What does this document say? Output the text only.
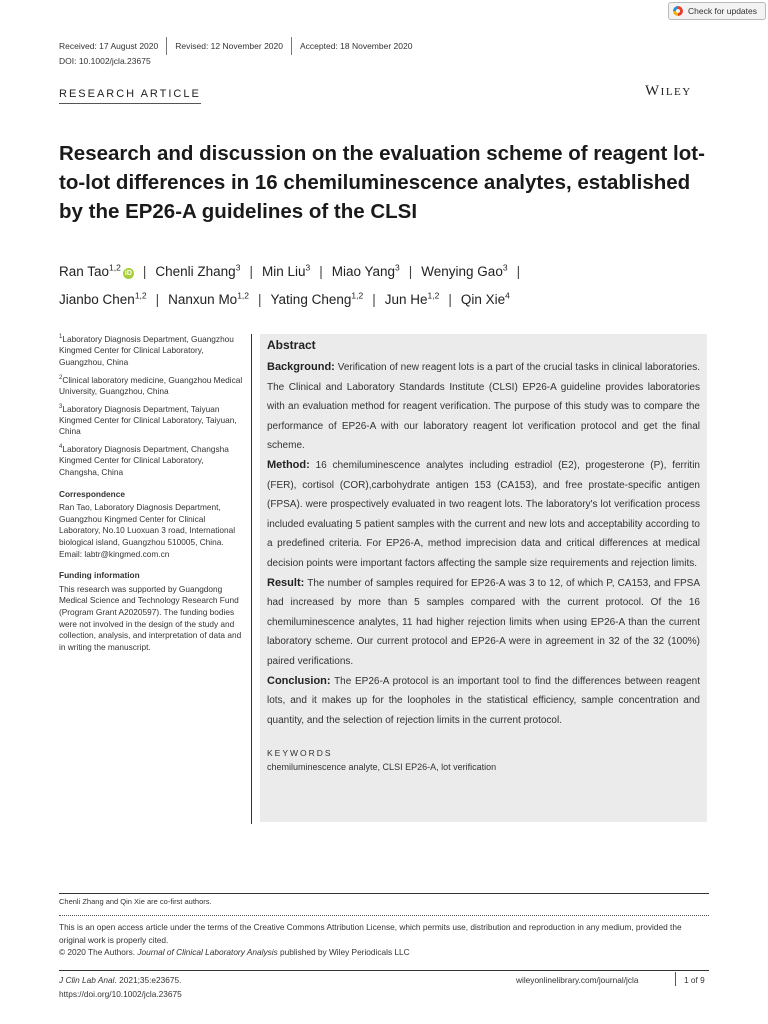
Check for updates
Received: 17 August 2020 Revised: 12 November 2020 Accepted: 18 November 2020
DOI: 10.1002/jcla.23675
RESEARCH ARTICLE	Wiley
Research and discussion on the evaluation scheme of reagent lot-to-lot differences in 16 chemiluminescence analytes, established by the EP26-A guidelines of the CLSI
Ran Tao$^{1,2}$iD | Chenli Zhang$^3$ | Min Liu$^3$ | Miao Yang$^3$ | Wenying Gao$^3$ |
Jianbo Chen$^{1,2}$ | Nanxun Mo$^{1,2}$ | Yating Cheng$^{1,2}$ | Jun He$^{1,2}$ | Qin Xie$^4$

$^1$Laboratory Diagnosis Department, Guangzhou Kingmed Center for Clinical Laboratory, Guangzhou, China

$^2$Clinical laboratory medicine, Guangzhou Medical University, Guangzhou, China

$^3$Laboratory Diagnosis Department, Taiyuan Kingmed Center for Clinical Laboratory, Taiyuan, China

$^4$Laboratory Diagnosis Department, Changsha Kingmed Center for Clinical Laboratory, Changsha, China

Correspondence

Ran Tao, Laboratory Diagnosis Department, Guangzhou Kingmed Center for Clinical Laboratory, No.10 Luoxuan 3 road, International biological island, Guangzhou 510005, China.

Email: labtr@kingmed.com.cn

Funding information

This research was supported by Guangdong Medical Science and Technology Research Fund (Program Grant A2020597). The funding bodies were not involved in the design of the study and collection, analysis, and interpretation of data and in writing the manuscript.

Abstract

Background: Verification of new reagent lots is a part of the crucial tasks in clinical laboratories. The Clinical and Laboratory Standards Institute (CLSI) EP26-A guideline provides laboratories with an evaluation method for reagent verification. The purpose of this study was to compare the performance of EP26-A with our laboratory reagent lot verification protocol and get the final scheme.

Method: 16 chemiluminescence analytes including estradiol (E2), progesterone (P), ferritin (FER), cortisol (COR),carbohydrate antigen 153 (CA153), and free prostate-specific antigen (FPSA). were prospectively evaluated in two reagent lots. The laboratory's lot verification process included evaluating 5 patient samples with the current and new lots and acceptability according to a predefined criteria. For EP26-A, method imprecision data and critical differences at medical decision points were important factors affecting the sample size requirements and rejection limits.

Result: The number of samples required for EP26-A was 3 to 12, of which P, CA153, and FPSA had increased by more than 5 samples compared with the current protocol. Of the 16 chemiluminescence analytes, 11 had higher rejection limits when using EP26-A than the current laboratory scheme. Our current protocol and EP26-A were in agreement in 32 of the 32 (100%) paired verifications.

Conclusion: The EP26-A protocol is an important tool to find the differences between reagent lots, and it makes up for the loopholes in the statistical efficiency, sample concentration and quantity, and the selection of rejection limits in the current protocol.

KEYWORDS

chemiluminescence analyte, CLSI EP26-A, lot verification

Chenli Zhang and Qin Xie are co-first authors.
This is an open access article under the terms of the Creative Commons Attribution License, which permits use, distribution and reproduction in any medium, provided the original work is properly cited.
© 2020 The Authors. Journal of Clinical Laboratory Analysis published by Wiley Periodicals LLC
J Clin Lab Anal. 2021;35:e23675.
https://doi.org/10.1002/jcla.23675
wileyonlinelibrary.com/journal/jcla	1 of 9
